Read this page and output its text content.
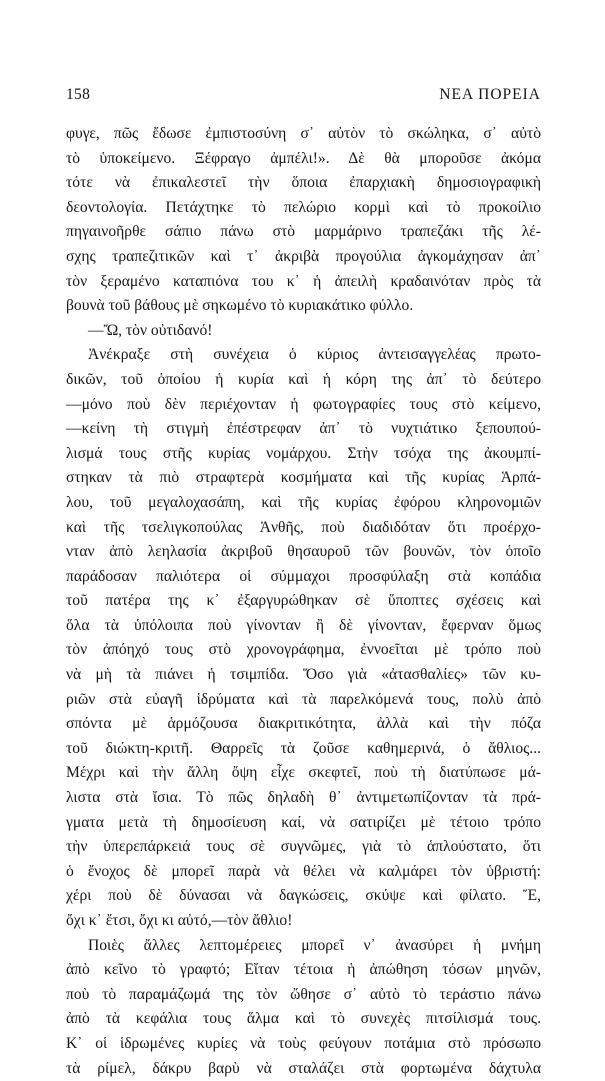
158	ΝΕΑ ΠΟΡΕΙΑ
φυγε, πῶς ἔδωσε ἐμπιστοσύνη σ᾽ αὐτὸν τὸ σκώληκα, σ᾽ αὐτὸ
τὸ ὑποκείμενο. Ξέφραγο ἀμπέλι!». Δὲ θὰ μποροῦσε ἀκόμα
τότε νὰ ἐπικαλεστεῖ τὴν ὅποια ἐπαρχιακὴ δημοσιογραφικὴ
δεοντολογία. Πετάχτηκε τὸ πελώριο κορμὶ καὶ τὸ προκοίλιο
πηγαινοῆρθε σάπιο πάνω στὸ μαρμάρινο τραπεζάκι τῆς λέ-
σχης τραπεζιτικῶν καὶ τ᾽ ἀκριβὰ προγούλια ἀγκομάχησαν ἀπ᾽
τὸν ξεραμένο καταπιόνα του κ᾽ ἡ ἀπειλὴ κραδαινόταν πρὸς τὰ
βουνὰ τοῦ βάθους μὲ σηκωμένο τὸ κυριακάτικο φύλλο.
—Ὤ, τὸν οὐτιδανό!
Ἀνέκραξε στὴ συνέχεια ὁ κύριος ἀντεισαγγελέας πρωτο-
δικῶν, τοῦ ὁποίου ἡ κυρία καὶ ἡ κόρη της ἀπ᾽ τὸ δεύτερο
—μόνο ποὺ δὲν περιέχονταν ἡ φωτογραφίες τους στὸ κείμενο,
—κείνη τὴ στιγμὴ ἐπέστρεφαν ἀπ᾽ τὸ νυχτιάτικο ξεπουπού-
λισμά τους στῆς κυρίας νομάρχου. Στὴν τσόχα της ἀκουμπί-
στηκαν τὰ πιὸ στραφτερὰ κοσμήματα καὶ τῆς κυρίας Ἁρπά-
λου, τοῦ μεγαλοχασάπη, καὶ τῆς κυρίας ἐφόρου κληρονομιῶν
καὶ τῆς τσελιγκοπούλας Ἀνθῆς, ποὺ διαδιδόταν ὅτι προέρχο-
νταν ἀπὸ λεηλασία ἀκριβοῦ θησαυροῦ τῶν βουνῶν, τὸν ὁποῖο
παράδοσαν παλιότερα οἱ σύμμαχοι προσφύλαξη στὰ κοπάδια
τοῦ πατέρα της κ᾽ ἐξαργυρώθηκαν σὲ ὕποπτες σχέσεις καὶ
ὅλα τὰ ὑπόλοιπα ποὺ γίνονταν ἢ δὲ γίνονταν, ἔφερναν ὅμως
τὸν ἀπόηχό τους στὸ χρονογράφημα, ἐννοεῖται μὲ τρόπο ποὺ
νὰ μὴ τὰ πιάνει ἡ τσιμπίδα. Ὅσο γιὰ «ἀτασθαλίες» τῶν κυ-
ριῶν στὰ εὐαγῆ ἱδρύματα καὶ τὰ παρελκόμενά τους, πολὺ ἀπὸ
σπόντα μὲ ἁρμόζουσα διακριτικότητα, ἀλλὰ καὶ τὴν πόζα
τοῦ διώκτη-κριτῆ. Θαρρεῖς τὰ ζοῦσε καθημερινά, ὁ ἄθλιος...
Μέχρι καὶ τὴν ἄλλη ὄψη εἶχε σκεφτεῖ, ποὺ τὴ διατύπωσε μά-
λιστα στὰ ἴσια. Τὸ πῶς δηλαδὴ θ᾽ ἀντιμετωπίζονταν τὰ πρά-
γματα μετὰ τὴ δημοσίευση καί, νὰ σατιρίζει μὲ τέτοιο τρόπο
τὴν ὑπερεπάρκειά τους σὲ συγνῶμες, γιὰ τὸ ἁπλούστατο, ὅτι
ὁ ἔνοχος δὲ μπορεῖ παρὰ νὰ θέλει νὰ καλμάρει τὸν ὑβριστή:
χέρι ποὺ δὲ δύνασαι νὰ δαγκώσεις, σκύψε καὶ φίλατο. Ἔ,
ὄχι κ᾽ ἔτσι, ὄχι κι αὐτό,—τὸν ἄθλιο!
Ποιὲς ἄλλες λεπτομέρειες μπορεῖ ν᾽ ἀνασύρει ἡ μνήμη
ἀπὸ κεῖνο τὸ γραφτό; Εἴταν τέτοια ἡ ἀπώθηση τόσων μηνῶν,
ποὺ τὸ παραμάζωμά της τὸν ὤθησε σ᾽ αὐτὸ τὸ τεράστιο πάνω
ἀπὸ τὰ κεφάλια τους ἅλμα καὶ τὸ συνεχὲς πιτσίλισμά τους.
Κ᾽ οἱ ἱδρωμένες κυρίες νὰ τοὺς φεύγουν ποτάμια στὸ πρόσωπο
τὰ ρίμελ, δάκρυ βαρὺ νὰ σταλάζει στὰ φορτωμένα δάχτυλα
